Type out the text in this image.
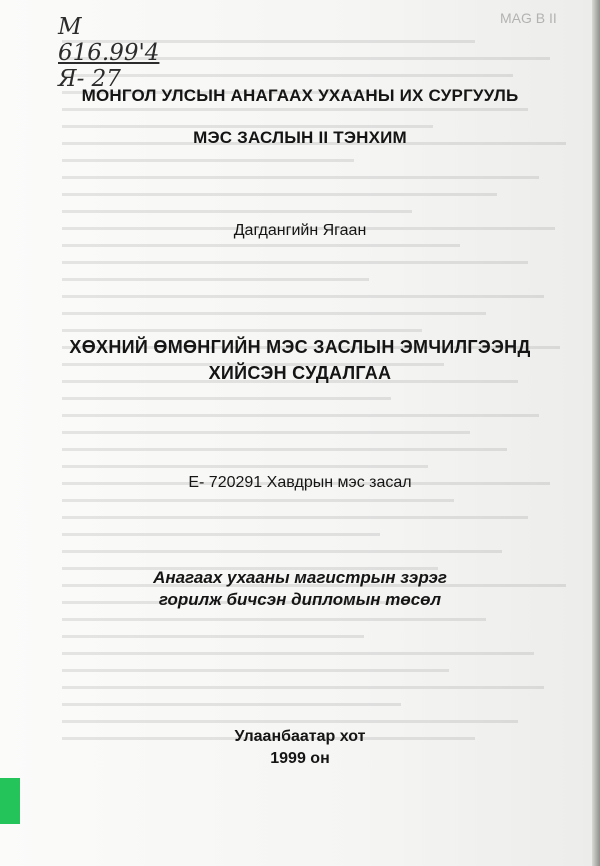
MAG B II
M
616.99'4
Я- 27
МОНГОЛ УЛСЫН АНАГААХ УХААНЫ ИХ СУРГУУЛЬ
МЭС ЗАСЛЫН II ТЭНХИМ
Дагдангийн Ягаан
ХӨХНИЙ ӨМӨНГИЙН МЭС ЗАСЛЫН ЭМЧИЛГЭЭНД
ХИЙСЭН СУДАЛГАА
Е- 720291 Хавдрын мэс засал
Анагаах ухааны магистрын зэрэг
горилж бичсэн дипломын төсөл
Улаанбаатар хот
1999 он
